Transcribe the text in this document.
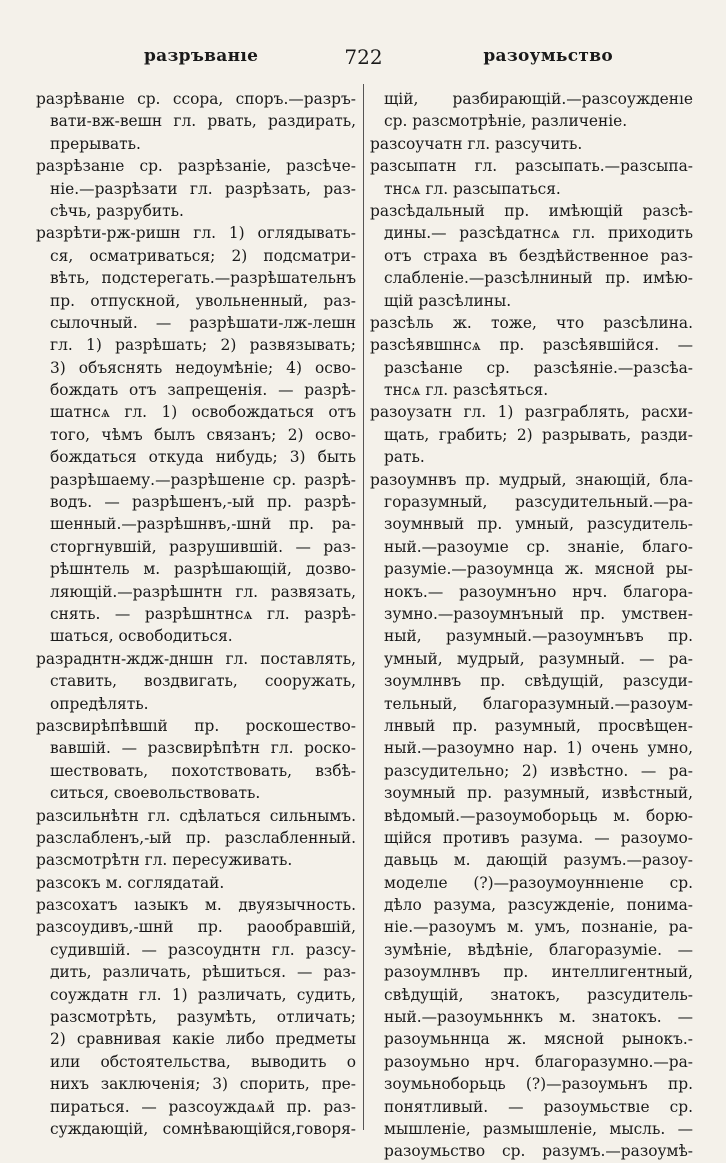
разръванıе	722	разоумьство
разрѣванıе ср. ссора, споръ.—разръ-
вати-вж-вешн гл. рвать, раздирать,
прерывать.
разрѣзанıе ср. разрѣзаніе, разсѣче-
ніе.—разрѣзати гл. разрѣзать, раз-
сѣчь, разрубить.
разрѣти-рж-ришн гл. 1) оглядывать-
ся, осматриваться; 2) подсматри-
вѣть, подстерегать.—разрѣшательнъ
пр. отпускной, увольненный, раз-
сылочный. — разрѣшати-лж-лешн
гл. 1) разрѣшать; 2) развязывать;
3) объяснять недоумѣніе; 4) осво-
бождать отъ запрещенія. — разрѣ-
шатнсѧ гл. 1) освобождаться отъ
того, чѣмъ былъ связанъ; 2) осво-
бождаться откуда нибудь; 3) быть
разрѣшаему.—разрѣшенıе ср. разрѣ-
водъ. — разрѣшенъ,-ый пр. разрѣ-
шенный.—разрѣшнвъ,-шнй пр. ра-
сторгнувшій, разрушившій. — раз-
рѣшнтель м. разрѣшающій, дозво-
ляющій.—разрѣшнтн гл. развязать,
снять. — разрѣшнтнсѧ гл. разрѣ-
шаться, освободиться.
разраднтн-ждж-дншн гл. поставлять,
ставить, воздвигать, сооружать,
опредѣлять.
разсвирѣпѣвшıй пр. роскошество-
вавшій. — разсвирѣпѣтн гл. роско-
шествовать, похотствовать, взбѣ-
ситься, своевольствовать.
разсильнѣтн гл. сдѣлаться сильнымъ.
разслабленъ,-ый пр. разслабленный.
разсмотрѣтн гл. пересуживать.
разсокъ м. соглядатай.
разсохатъ ıазыкъ м. двуязычность.
разсоудивъ,-шнй пр. раообравшій,
судившій. — разсоуднтн гл. разсу-
дить, различать, рѣшиться. — раз-
соуждатн гл. 1) различать, судить,
разсмотрѣть, разумѣть, отличать;
2) сравнивая какіе либо предметы
или обстоятельства, выводить о
нихъ заключенія; 3) спорить, пре-
пираться. — разсоуждаѧй пр. раз-
суждающій, сомнѣвающійся,говоря-
щій, разбирающій.—разсоужденıе
ср. разсмотрѣніе, различеніе.
разсоучатн гл. разсучить.
разсыпатн гл. разсыпать.—разсыпа-
тнсѧ гл. разсыпаться.
разсѣдальный пр. имѣющій разсѣ-
дины.— разсѣдатнсѧ гл. приходить
отъ страха въ бездѣйственное раз-
слабленіе.—разсѣлниный пр. имѣю-
щій разсѣлины.
разсѣль ж. тоже, что разсѣлина.
разсѣявшıнсѧ пр. разсѣявшійся. —
разсѣанıе ср. разсѣяніе.—разсѣа-
тнсѧ гл. разсѣяться.
разоузатн гл. 1) разграблять, расхи-
щать, грабить; 2) разрывать, разди-
рать.
разоумнвъ пр. мудрый, знающій, бла-
горазумный, разсудительный.—ра-
зоумнвый пр. умный, разсудитель-
ный.—разоумıе ср. знаніе, благо-
разуміе.—разоумнца ж. мясной ры-
нокъ.— разоумнъно нрч. благора-
зумно.—разоумнъный пр. умствен-
ный, разумный.—разоумнъвъ пр.
умный, мудрый, разумный. — ра-
зоумлнвъ пр. свѣдущій, разсуди-
тельный, благоразумный.—разоум-
лнвый пр. разумный, просвѣщен-
ный.—разоумно нар. 1) очень умно,
разсудительно; 2) извѣстно. — ра-
зоумный пр. разумный, извѣстный,
вѣдомый.—разоумоборьць м. борю-
щійся противъ разума. — разоумо-
давьць м. дающій разумъ.—разоу-
моделıе (?)—разоумоуннıенıе ср.
дѣло разума, разсужденіе, понима-
ніе.—разоумъ м. умъ, познаніе, ра-
зумѣніе, вѣдѣніе, благоразуміе. —
разоумлнвъ пр. интеллигентный,
свѣдущій, знатокъ, разсудитель-
ный.—разоумьннкъ м. знатокъ. —
разоумьннца ж. мясной рынокъ.-
разоумьно нрч. благоразумно.—ра-
зоумьноборьць (?)—разоумьнъ пр.
понятливый. — разоумьствıе ср.
мышленіе, размышленіе, мысль. —
разоумьство ср. разумъ.—разоумѣ-
